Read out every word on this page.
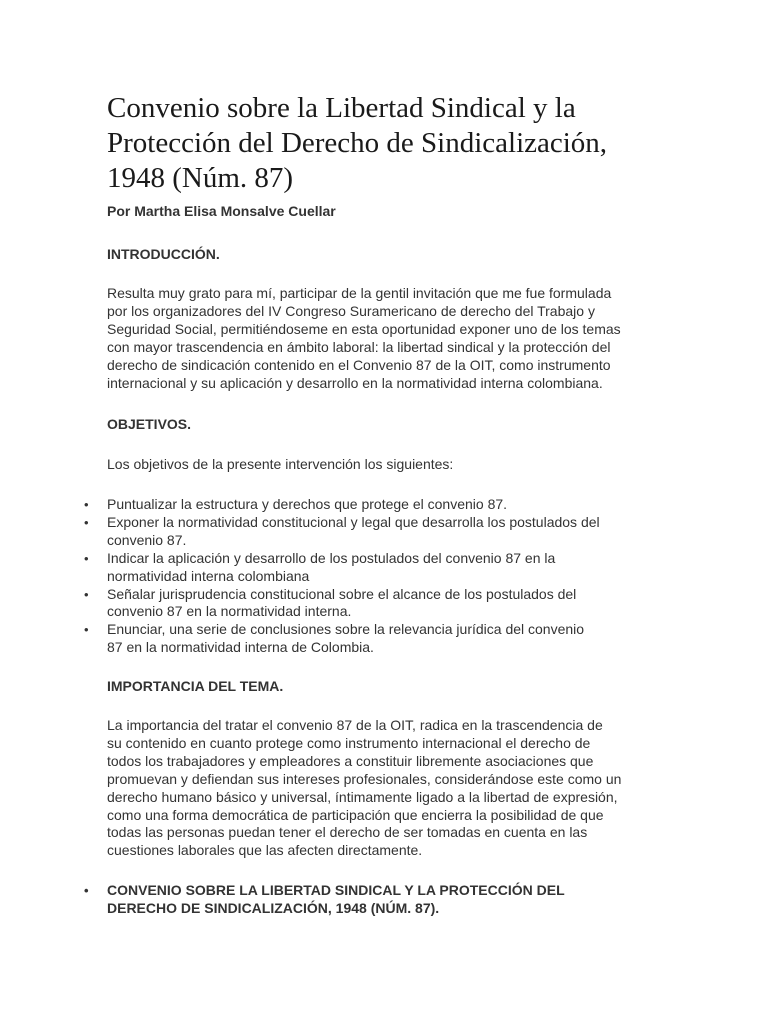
Convenio sobre la Libertad Sindical y la
Protección del Derecho de Sindicalización,
1948 (Núm. 87)

Por Martha Elisa Monsalve Cuellar

INTRODUCCIÓN.

Resulta muy grato para mí, participar de la gentil invitación que me fue formulada
por los organizadores del IV Congreso Suramericano de derecho del Trabajo y
Seguridad Social, permitiéndoseme en esta oportunidad exponer uno de los temas
con mayor trascendencia en ámbito laboral: la libertad sindical y la protección del
derecho de sindicación contenido en el Convenio 87 de la OIT, como instrumento
internacional y su aplicación y desarrollo en la normatividad interna colombiana.

OBJETIVOS.

Los objetivos de la presente intervención los siguientes:

• Puntualizar la estructura y derechos que protege el convenio 87.
• Exponer la normatividad constitucional y legal que desarrolla los postulados del
convenio 87.
• Indicar la aplicación y desarrollo de los postulados del convenio 87 en la
normatividad interna colombiana
• Señalar jurisprudencia constitucional sobre el alcance de los postulados del
convenio 87 en la normatividad interna.
• Enunciar, una serie de conclusiones sobre la relevancia jurídica del convenio
87 en la normatividad interna de Colombia.

IMPORTANCIA DEL TEMA.

La importancia del tratar el convenio 87 de la OIT, radica en la trascendencia de
su contenido en cuanto protege como instrumento internacional el derecho de
todos los trabajadores y empleadores a constituir libremente asociaciones que
promuevan y defiendan sus intereses profesionales, considerándose este como un
derecho humano básico y universal, íntimamente ligado a la libertad de expresión,
como una forma democrática de participación que encierra la posibilidad de que
todas las personas puedan tener el derecho de ser tomadas en cuenta en las
cuestiones laborales que las afecten directamente.

• CONVENIO SOBRE LA LIBERTAD SINDICAL Y LA PROTECCIÓN DEL
DERECHO DE SINDICALIZACIÓN, 1948 (NÚM. 87).
